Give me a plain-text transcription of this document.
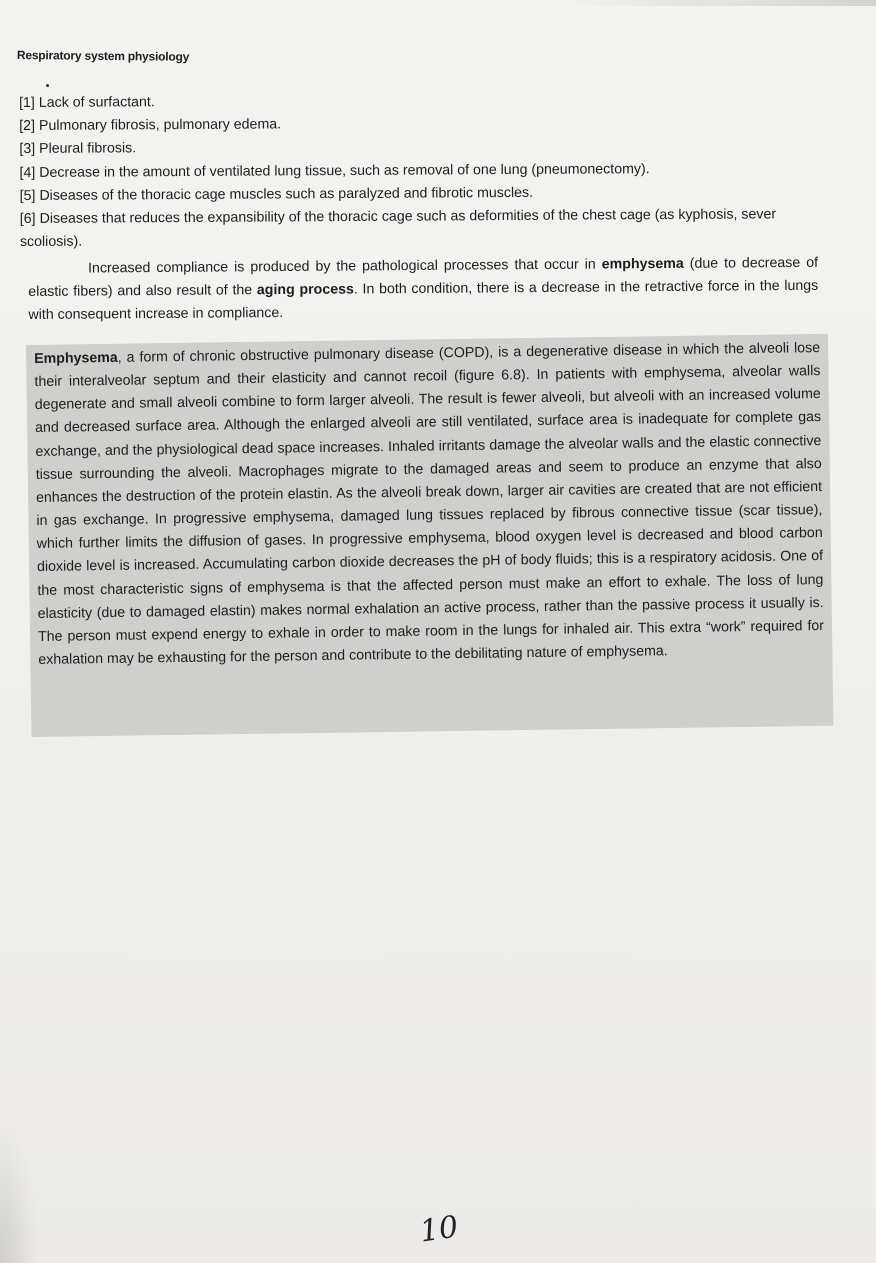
Respiratory system physiology
[1] Lack of surfactant.
[2] Pulmonary fibrosis, pulmonary edema.
[3] Pleural fibrosis.
[4] Decrease in the amount of ventilated lung tissue, such as removal of one lung (pneumonectomy).
[5] Diseases of the thoracic cage muscles such as paralyzed and fibrotic muscles.
[6] Diseases that reduces the expansibility of the thoracic cage such as deformities of the chest cage (as kyphosis, sever scoliosis).
Increased compliance is produced by the pathological processes that occur in emphysema (due to decrease of elastic fibers) and also result of the aging process. In both condition, there is a decrease in the retractive force in the lungs with consequent increase in compliance.
Emphysema, a form of chronic obstructive pulmonary disease (COPD), is a degenerative disease in which the alveoli lose their interalveolar septum and their elasticity and cannot recoil (figure 6.8). In patients with emphysema, alveolar walls degenerate and small alveoli combine to form larger alveoli. The result is fewer alveoli, but alveoli with an increased volume and decreased surface area. Although the enlarged alveoli are still ventilated, surface area is inadequate for complete gas exchange, and the physiological dead space increases. Inhaled irritants damage the alveolar walls and the elastic connective tissue surrounding the alveoli. Macrophages migrate to the damaged areas and seem to produce an enzyme that also enhances the destruction of the protein elastin. As the alveoli break down, larger air cavities are created that are not efficient in gas exchange. In progressive emphysema, damaged lung tissues replaced by fibrous connective tissue (scar tissue), which further limits the diffusion of gases. In progressive emphysema, blood oxygen level is decreased and blood carbon dioxide level is increased. Accumulating carbon dioxide decreases the pH of body fluids; this is a respiratory acidosis. One of the most characteristic signs of emphysema is that the affected person must make an effort to exhale. The loss of lung elasticity (due to damaged elastin) makes normal exhalation an active process, rather than the passive process it usually is. The person must expend energy to exhale in order to make room in the lungs for inhaled air. This extra “work” required for exhalation may be exhausting for the person and contribute to the debilitating nature of emphysema.
10
